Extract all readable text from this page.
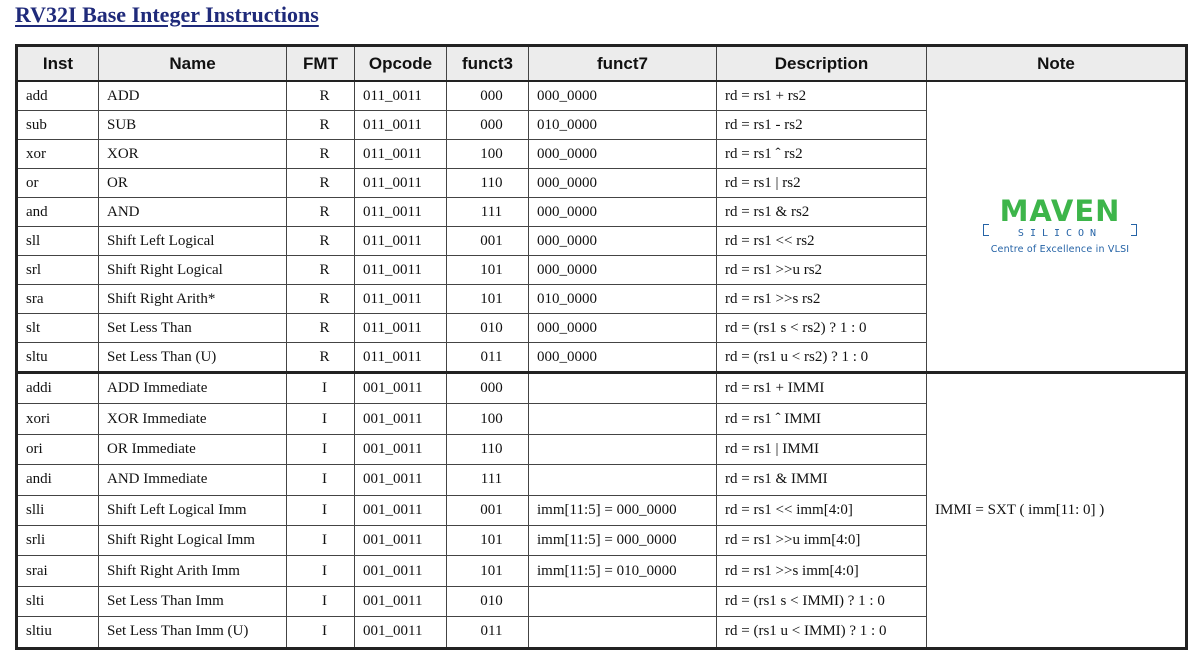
RV32I Base Integer Instructions
Inst	Name	FMT	Opcode	funct3	funct7	Description	Note
add	ADD	R	011_0011	000	000_0000	rd = rs1 + rs2	MAVEN
SILICON
Centre of Excellence in VLSI

sub	SUB	R	011_0011	000	010_0000	rd = rs1 - rs2	
xor	XOR	R	011_0011	100	000_0000	rd = rs1 ˆ rs2	
or	OR	R	011_0011	110	000_0000	rd = rs1 | rs2	
and	AND	R	011_0011	111	000_0000	rd = rs1 & rs2	
sll	Shift Left Logical	R	011_0011	001	000_0000	rd = rs1 << rs2	
srl	Shift Right Logical	R	011_0011	101	000_0000	rd = rs1 >>u rs2	
sra	Shift Right Arith*	R	011_0011	101	010_0000	rd = rs1 >>s rs2	
slt	Set Less Than	R	011_0011	010	000_0000	rd = (rs1 s < rs2) ? 1 : 0	
sltu	Set Less Than (U)	R	011_0011	011	000_0000	rd = (rs1 u < rs2) ? 1 : 0	
addi	ADD Immediate	I	001_0011	000		rd = rs1 + IMMI	IMMI = SXT ( imm[11: 0] )
xori	XOR Immediate	I	001_0011	100		rd = rs1 ˆ IMMI	
ori	OR Immediate	I	001_0011	110		rd = rs1 | IMMI	
andi	AND Immediate	I	001_0011	111		rd = rs1 & IMMI	
slli	Shift Left Logical Imm	I	001_0011	001	imm[11:5] = 000_0000	rd = rs1 << imm[4:0]	
srli	Shift Right Logical Imm	I	001_0011	101	imm[11:5] = 000_0000	rd = rs1 >>u imm[4:0]	
srai	Shift Right Arith Imm	I	001_0011	101	imm[11:5] = 010_0000	rd = rs1 >>s imm[4:0]	
slti	Set Less Than Imm	I	001_0011	010		rd = (rs1 s < IMMI) ? 1 : 0	
sltiu	Set Less Than Imm (U)	I	001_0011	011		rd = (rs1 u < IMMI) ? 1 : 0	
